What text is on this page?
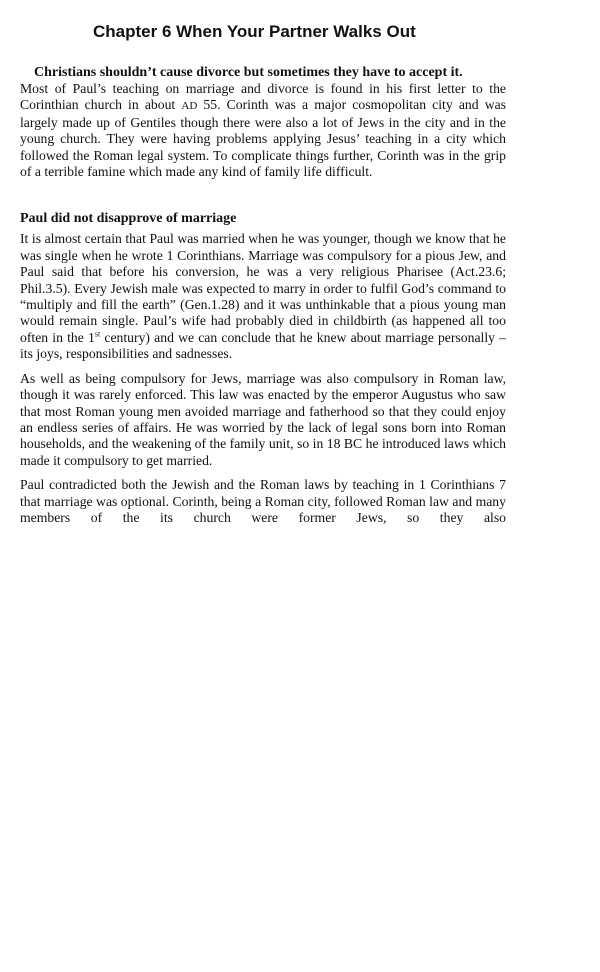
Chapter 6 When Your Partner Walks Out
Christians shouldn’t cause divorce but sometimes they have to accept it.

Most of Paul’s teaching on marriage and divorce is found in his first letter to the Corinthian church in about AD 55. Corinth was a major cosmopolitan city and was largely made up of Gentiles though there were also a lot of Jews in the city and in the young church. They were having problems applying Jesus’ teaching in a city which followed the Roman legal system. To complicate things further, Corinth was in the grip of a terrible famine which made any kind of family life difficult.

Paul did not disapprove of marriage

It is almost certain that Paul was married when he was younger, though we know that he was single when he wrote 1 Corinthians. Marriage was compulsory for a pious Jew, and Paul said that before his conversion, he was a very religious Pharisee (Act.23.6; Phil.3.5). Every Jewish male was expected to marry in order to fulfil God’s command to “multiply and fill the earth” (Gen.1.28) and it was unthinkable that a pious young man would remain single. Paul’s wife had probably died in childbirth (as happened all too often in the 1st century) and we can conclude that he knew about marriage personally – its joys, responsibilities and sadnesses.

As well as being compulsory for Jews, marriage was also compulsory in Roman law, though it was rarely enforced. This law was enacted by the emperor Augustus who saw that most Roman young men avoided marriage and fatherhood so that they could enjoy an endless series of affairs. He was worried by the lack of legal sons born into Roman households, and the weakening of the family unit, so in 18 BC he introduced laws which made it compulsory to get married.

Paul contradicted both the Jewish and the Roman laws by teaching in 1 Corinthians 7 that marriage was optional. Corinth, being a Roman city, followed Roman law and many members of the its church were former Jews, so they also
